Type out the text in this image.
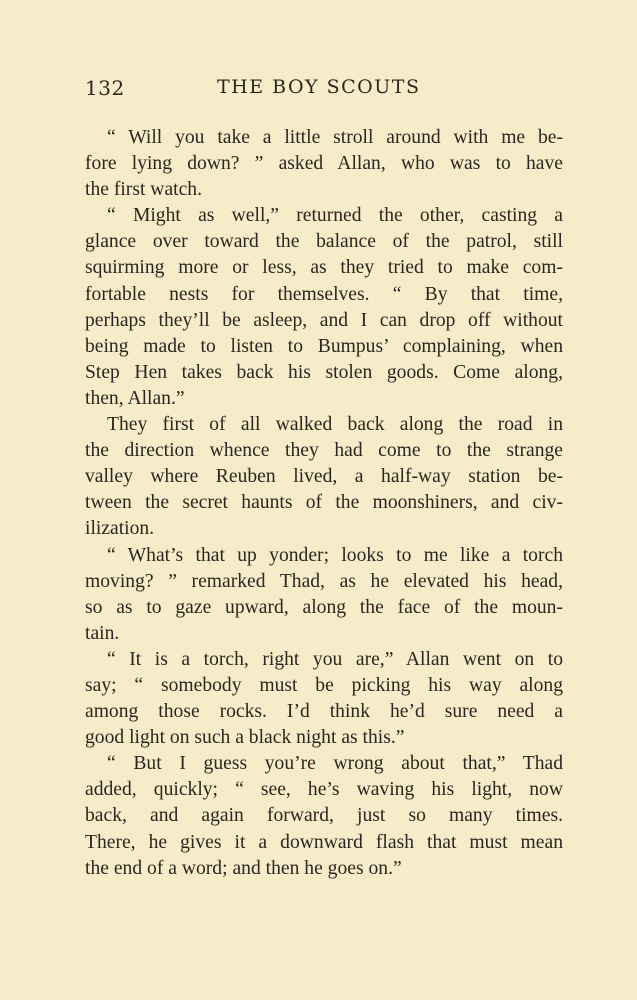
132	THE BOY SCOUTS
“ Will you take a little stroll around with me be-
fore lying down? ” asked Allan, who was to have
the first watch.
“ Might as well,” returned the other, casting a
glance over toward the balance of the patrol, still
squirming more or less, as they tried to make com-
fortable nests for themselves. “ By that time,
perhaps they’ll be asleep, and I can drop off without
being made to listen to Bumpus’ complaining, when
Step Hen takes back his stolen goods. Come along,
then, Allan.”
They first of all walked back along the road in
the direction whence they had come to the strange
valley where Reuben lived, a half-way station be-
tween the secret haunts of the moonshiners, and civ-
ilization.
“ What’s that up yonder; looks to me like a torch
moving? ” remarked Thad, as he elevated his head,
so as to gaze upward, along the face of the moun-
tain.
“ It is a torch, right you are,” Allan went on to
say; “ somebody must be picking his way along
among those rocks. I’d think he’d sure need a
good light on such a black night as this.”
“ But I guess you’re wrong about that,” Thad
added, quickly; “ see, he’s waving his light, now
back, and again forward, just so many times.
There, he gives it a downward flash that must mean
the end of a word; and then he goes on.”
